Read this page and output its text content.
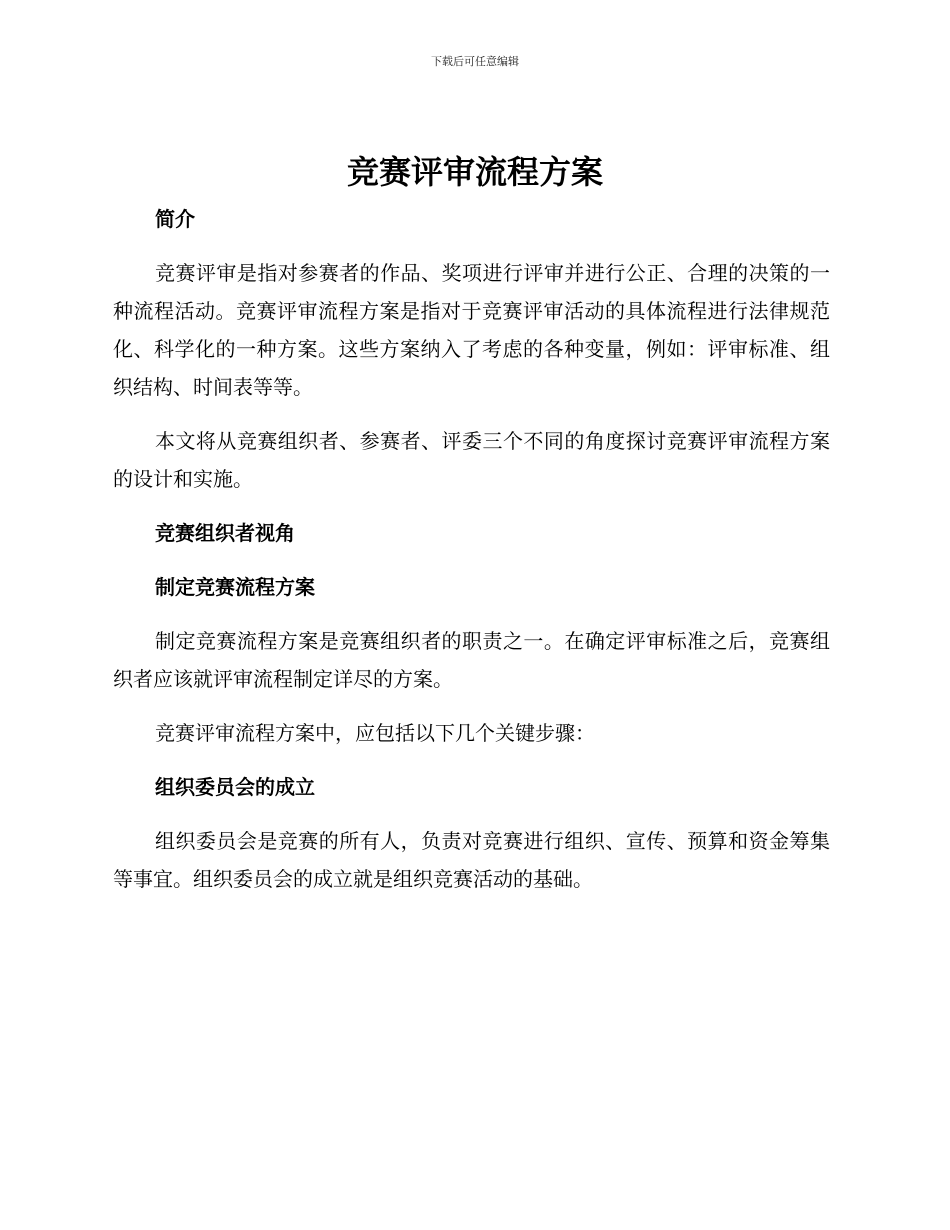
下载后可任意编辑
竞赛评审流程方案
简介

竞赛评审是指对参赛者的作品、奖项进行评审并进行公正、合理的决策的一种流程活动。竞赛评审流程方案是指对于竞赛评审活动的具体流程进行法律规范化、科学化的一种方案。这些方案纳入了考虑的各种变量，例如：评审标准、组织结构、时间表等等。

本文将从竞赛组织者、参赛者、评委三个不同的角度探讨竞赛评审流程方案的设计和实施。

竞赛组织者视角
制定竞赛流程方案

制定竞赛流程方案是竞赛组织者的职责之一。在确定评审标准之后，竞赛组织者应该就评审流程制定详尽的方案。

竞赛评审流程方案中，应包括以下几个关键步骤：

组织委员会的成立

组织委员会是竞赛的所有人，负责对竞赛进行组织、宣传、预算和资金筹集等事宜。组织委员会的成立就是组织竞赛活动的基础。
